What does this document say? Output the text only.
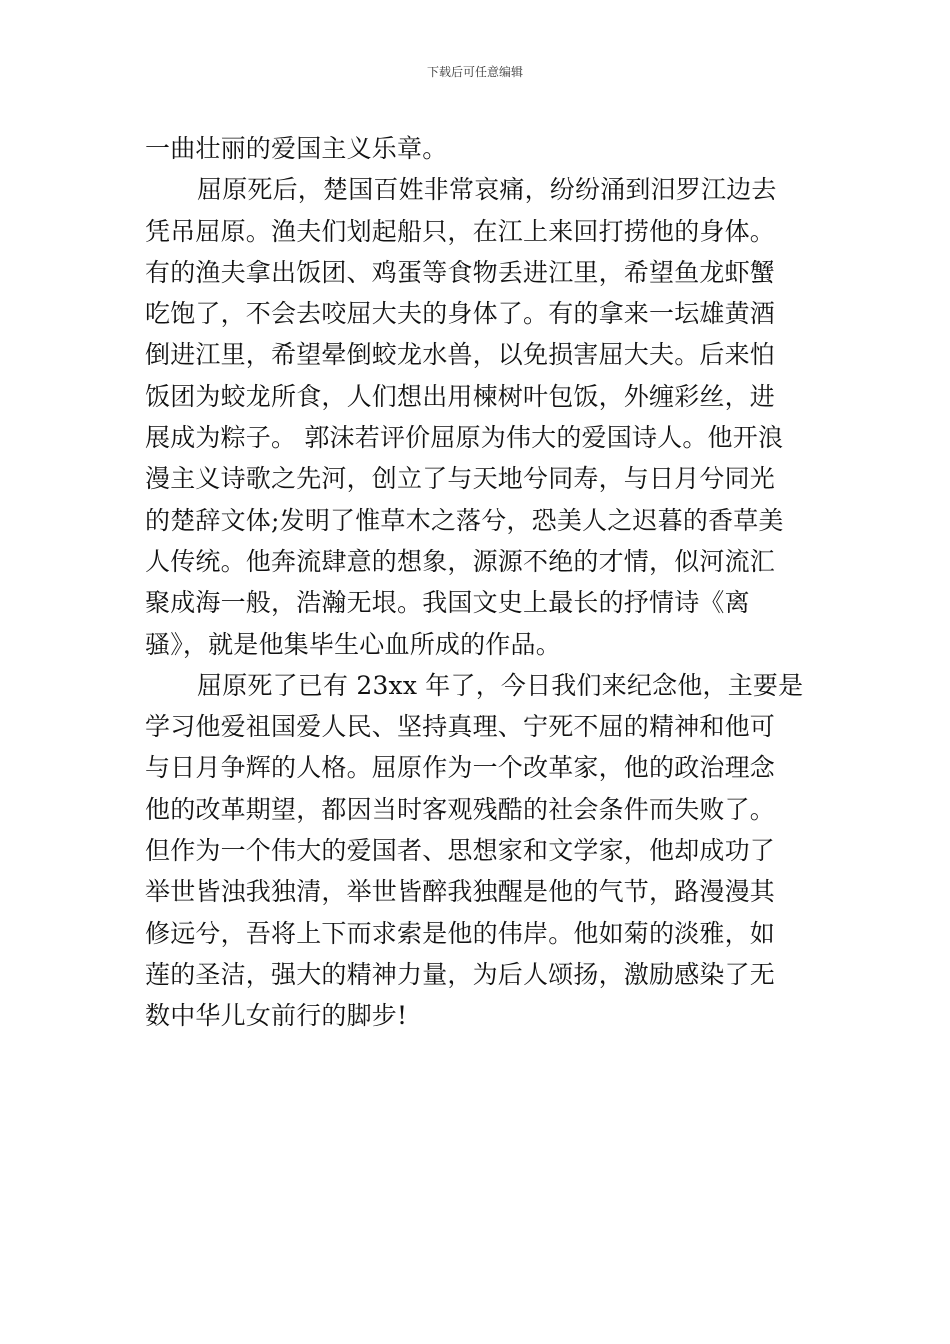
下载后可任意编辑
一曲壮丽的爱国主义乐章。
屈原死后，楚国百姓非常哀痛，纷纷涌到汨罗江边去
凭吊屈原。渔夫们划起船只，在江上来回打捞他的身体。
有的渔夫拿出饭团、鸡蛋等食物丢进江里，希望鱼龙虾蟹
吃饱了，不会去咬屈大夫的身体了。有的拿来一坛雄黄酒
倒进江里，希望晕倒蛟龙水兽，以免损害屈大夫。后来怕
饭团为蛟龙所食，人们想出用楝树叶包饭，外缠彩丝，进
展成为粽子。 郭沫若评价屈原为伟大的爱国诗人。他开浪
漫主义诗歌之先河，创立了与天地兮同寿，与日月兮同光
的楚辞文体;发明了惟草木之落兮，恐美人之迟暮的香草美
人传统。他奔流肆意的想象，源源不绝的才情，似河流汇
聚成海一般，浩瀚无垠。我国文史上最长的抒情诗《离
骚》，就是他集毕生心血所成的作品。
屈原死了已有 23xx 年了，今日我们来纪念他，主要是
学习他爱祖国爱人民、坚持真理、宁死不屈的精神和他可
与日月争辉的人格。屈原作为一个改革家，他的政治理念
他的改革期望，都因当时客观残酷的社会条件而失败了。
但作为一个伟大的爱国者、思想家和文学家，他却成功了
举世皆浊我独清，举世皆醉我独醒是他的气节，路漫漫其
修远兮，吾将上下而求索是他的伟岸。他如菊的淡雅，如
莲的圣洁，强大的精神力量，为后人颂扬，激励感染了无
数中华儿女前行的脚步!
